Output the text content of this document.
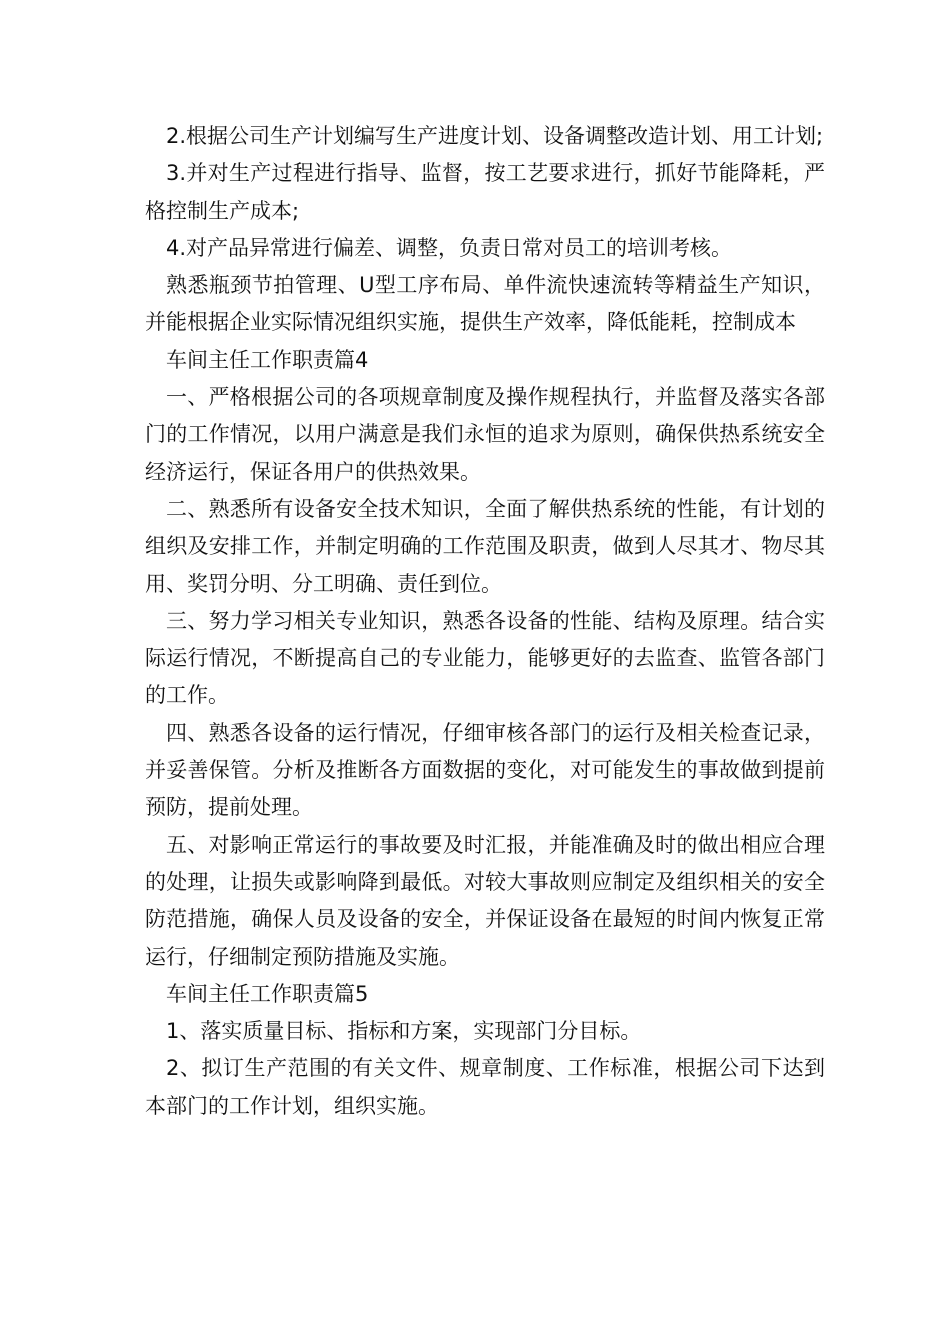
2.根据公司生产计划编写生产进度计划、设备调整改造计划、用工计划;

3.并对生产过程进行指导、监督，按工艺要求进行，抓好节能降耗，严格控制生产成本;

4.对产品异常进行偏差、调整，负责日常对员工的培训考核。

熟悉瓶颈节拍管理、U型工序布局、单件流快速流转等精益生产知识，并能根据企业实际情况组织实施，提供生产效率，降低能耗，控制成本

车间主任工作职责篇4

一、严格根据公司的各项规章制度及操作规程执行，并监督及落实各部门的工作情况，以用户满意是我们永恒的追求为原则，确保供热系统安全经济运行，保证各用户的供热效果。

二、熟悉所有设备安全技术知识，全面了解供热系统的性能，有计划的组织及安排工作，并制定明确的工作范围及职责，做到人尽其才、物尽其用、奖罚分明、分工明确、责任到位。

三、努力学习相关专业知识，熟悉各设备的性能、结构及原理。结合实际运行情况，不断提高自己的专业能力，能够更好的去监查、监管各部门的工作。

四、熟悉各设备的运行情况，仔细审核各部门的运行及相关检查记录，并妥善保管。分析及推断各方面数据的变化，对可能发生的事故做到提前预防，提前处理。

五、对影响正常运行的事故要及时汇报，并能准确及时的做出相应合理的处理，让损失或影响降到最低。对较大事故则应制定及组织相关的安全防范措施，确保人员及设备的安全，并保证设备在最短的时间内恢复正常运行，仔细制定预防措施及实施。

车间主任工作职责篇5

1、落实质量目标、指标和方案，实现部门分目标。

2、拟订生产范围的有关文件、规章制度、工作标准，根据公司下达到本部门的工作计划，组织实施。
